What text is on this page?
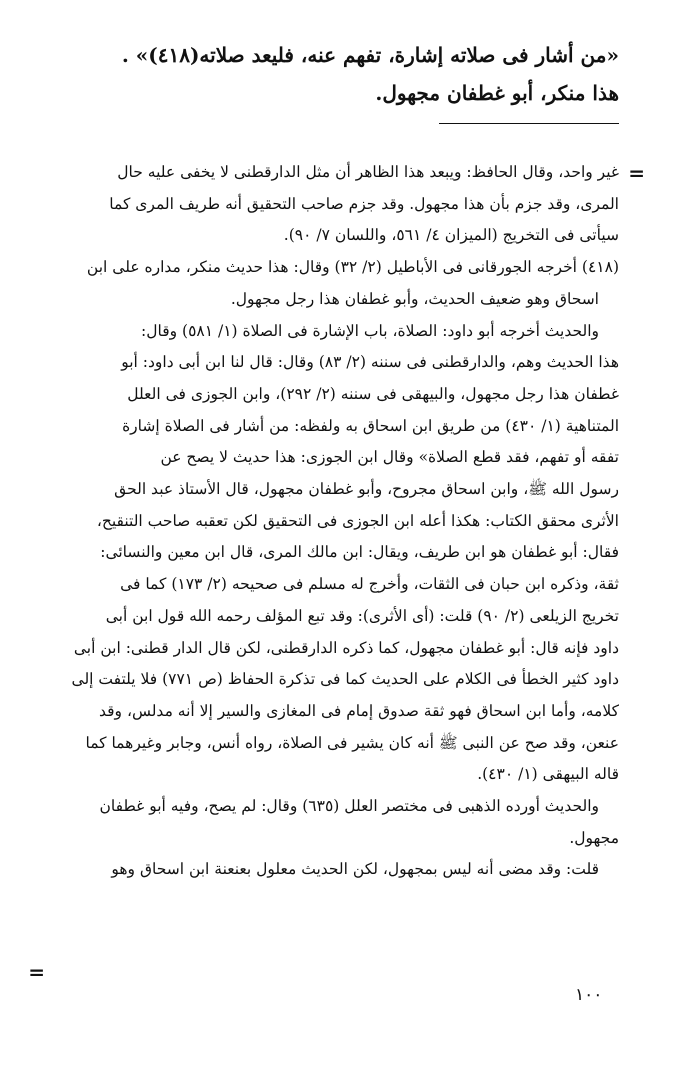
«من أشار فى صلاته إشارة، تفهم عنه، فليعد صلاته(٤١٨)» .
هذا منكر، أبو غطفان مجهول.
=
غير واحد، وقال الحافظ: ويبعد هذا الظاهر أن مثل الدارقطنى لا يخفى عليه حال
المرى، وقد جزم بأن هذا مجهول. وقد جزم صاحب التحقيق أنه طريف المرى كما
سيأتى فى التخريج (الميزان ٤/ ٥٦١، واللسان ٧/ ٩٠).
(٤١٨) أخرجه الجورقانى فى الأباطيل (٢/ ٣٢) وقال: هذا حديث منكر، مداره على ابن
اسحاق وهو ضعيف الحديث، وأبو غطفان هذا رجل مجهول.
والحديث أخرجه أبو داود: الصلاة، باب الإشارة فى الصلاة (١/ ٥٨١) وقال:
هذا الحديث وهم، والدارقطنى فى سننه (٢/ ٨٣) وقال: قال لنا ابن أبى داود: أبو
غطفان هذا رجل مجهول، والبيهقى فى سننه (٢/ ٢٩٢)، وابن الجوزى فى العلل
المتناهية (١/ ٤٣٠) من طريق ابن اسحاق به ولفظه: من أشار فى الصلاة إشارة
تفقه أو تفهم، فقد قطع الصلاة» وقال ابن الجوزى: هذا حديث لا يصح عن
رسول الله ﷺ، وابن اسحاق مجروح، وأبو غطفان مجهول، قال الأستاذ عبد الحق
الأثرى محقق الكتاب: هكذا أعله ابن الجوزى فى التحقيق لكن تعقبه صاحب التنقيح،
فقال: أبو غطفان هو ابن طريف، ويقال: ابن مالك المرى، قال ابن معين والنسائى:
ثقة، وذكره ابن حبان فى الثقات، وأخرج له مسلم فى صحيحه (٢/ ١٧٣) كما فى
تخريج الزيلعى (٢/ ٩٠) قلت: (أى الأثرى): وقد تبع المؤلف رحمه الله قول ابن أبى
داود فإنه قال: أبو غطفان مجهول، كما ذكره الدارقطنى، لكن قال الدار قطنى: ابن أبى
داود كثير الخطأ فى الكلام على الحديث كما فى تذكرة الحفاظ (ص ٧٧١) فلا يلتفت إلى
كلامه، وأما ابن اسحاق فهو ثقة صدوق إمام فى المغازى والسير إلا أنه مدلس، وقد
عنعن، وقد صح عن النبى ﷺ أنه كان يشير فى الصلاة، رواه أنس، وجابر وغيرهما كما
قاله البيهقى (١/ ٤٣٠).
والحديث أورده الذهبى فى مختصر العلل (٦٣٥) وقال: لم يصح، وفيه أبو غطفان
مجهول.
قلت: وقد مضى أنه ليس بمجهول، لكن الحديث معلول بعنعنة ابن اسحاق وهو
=
١٠٠
